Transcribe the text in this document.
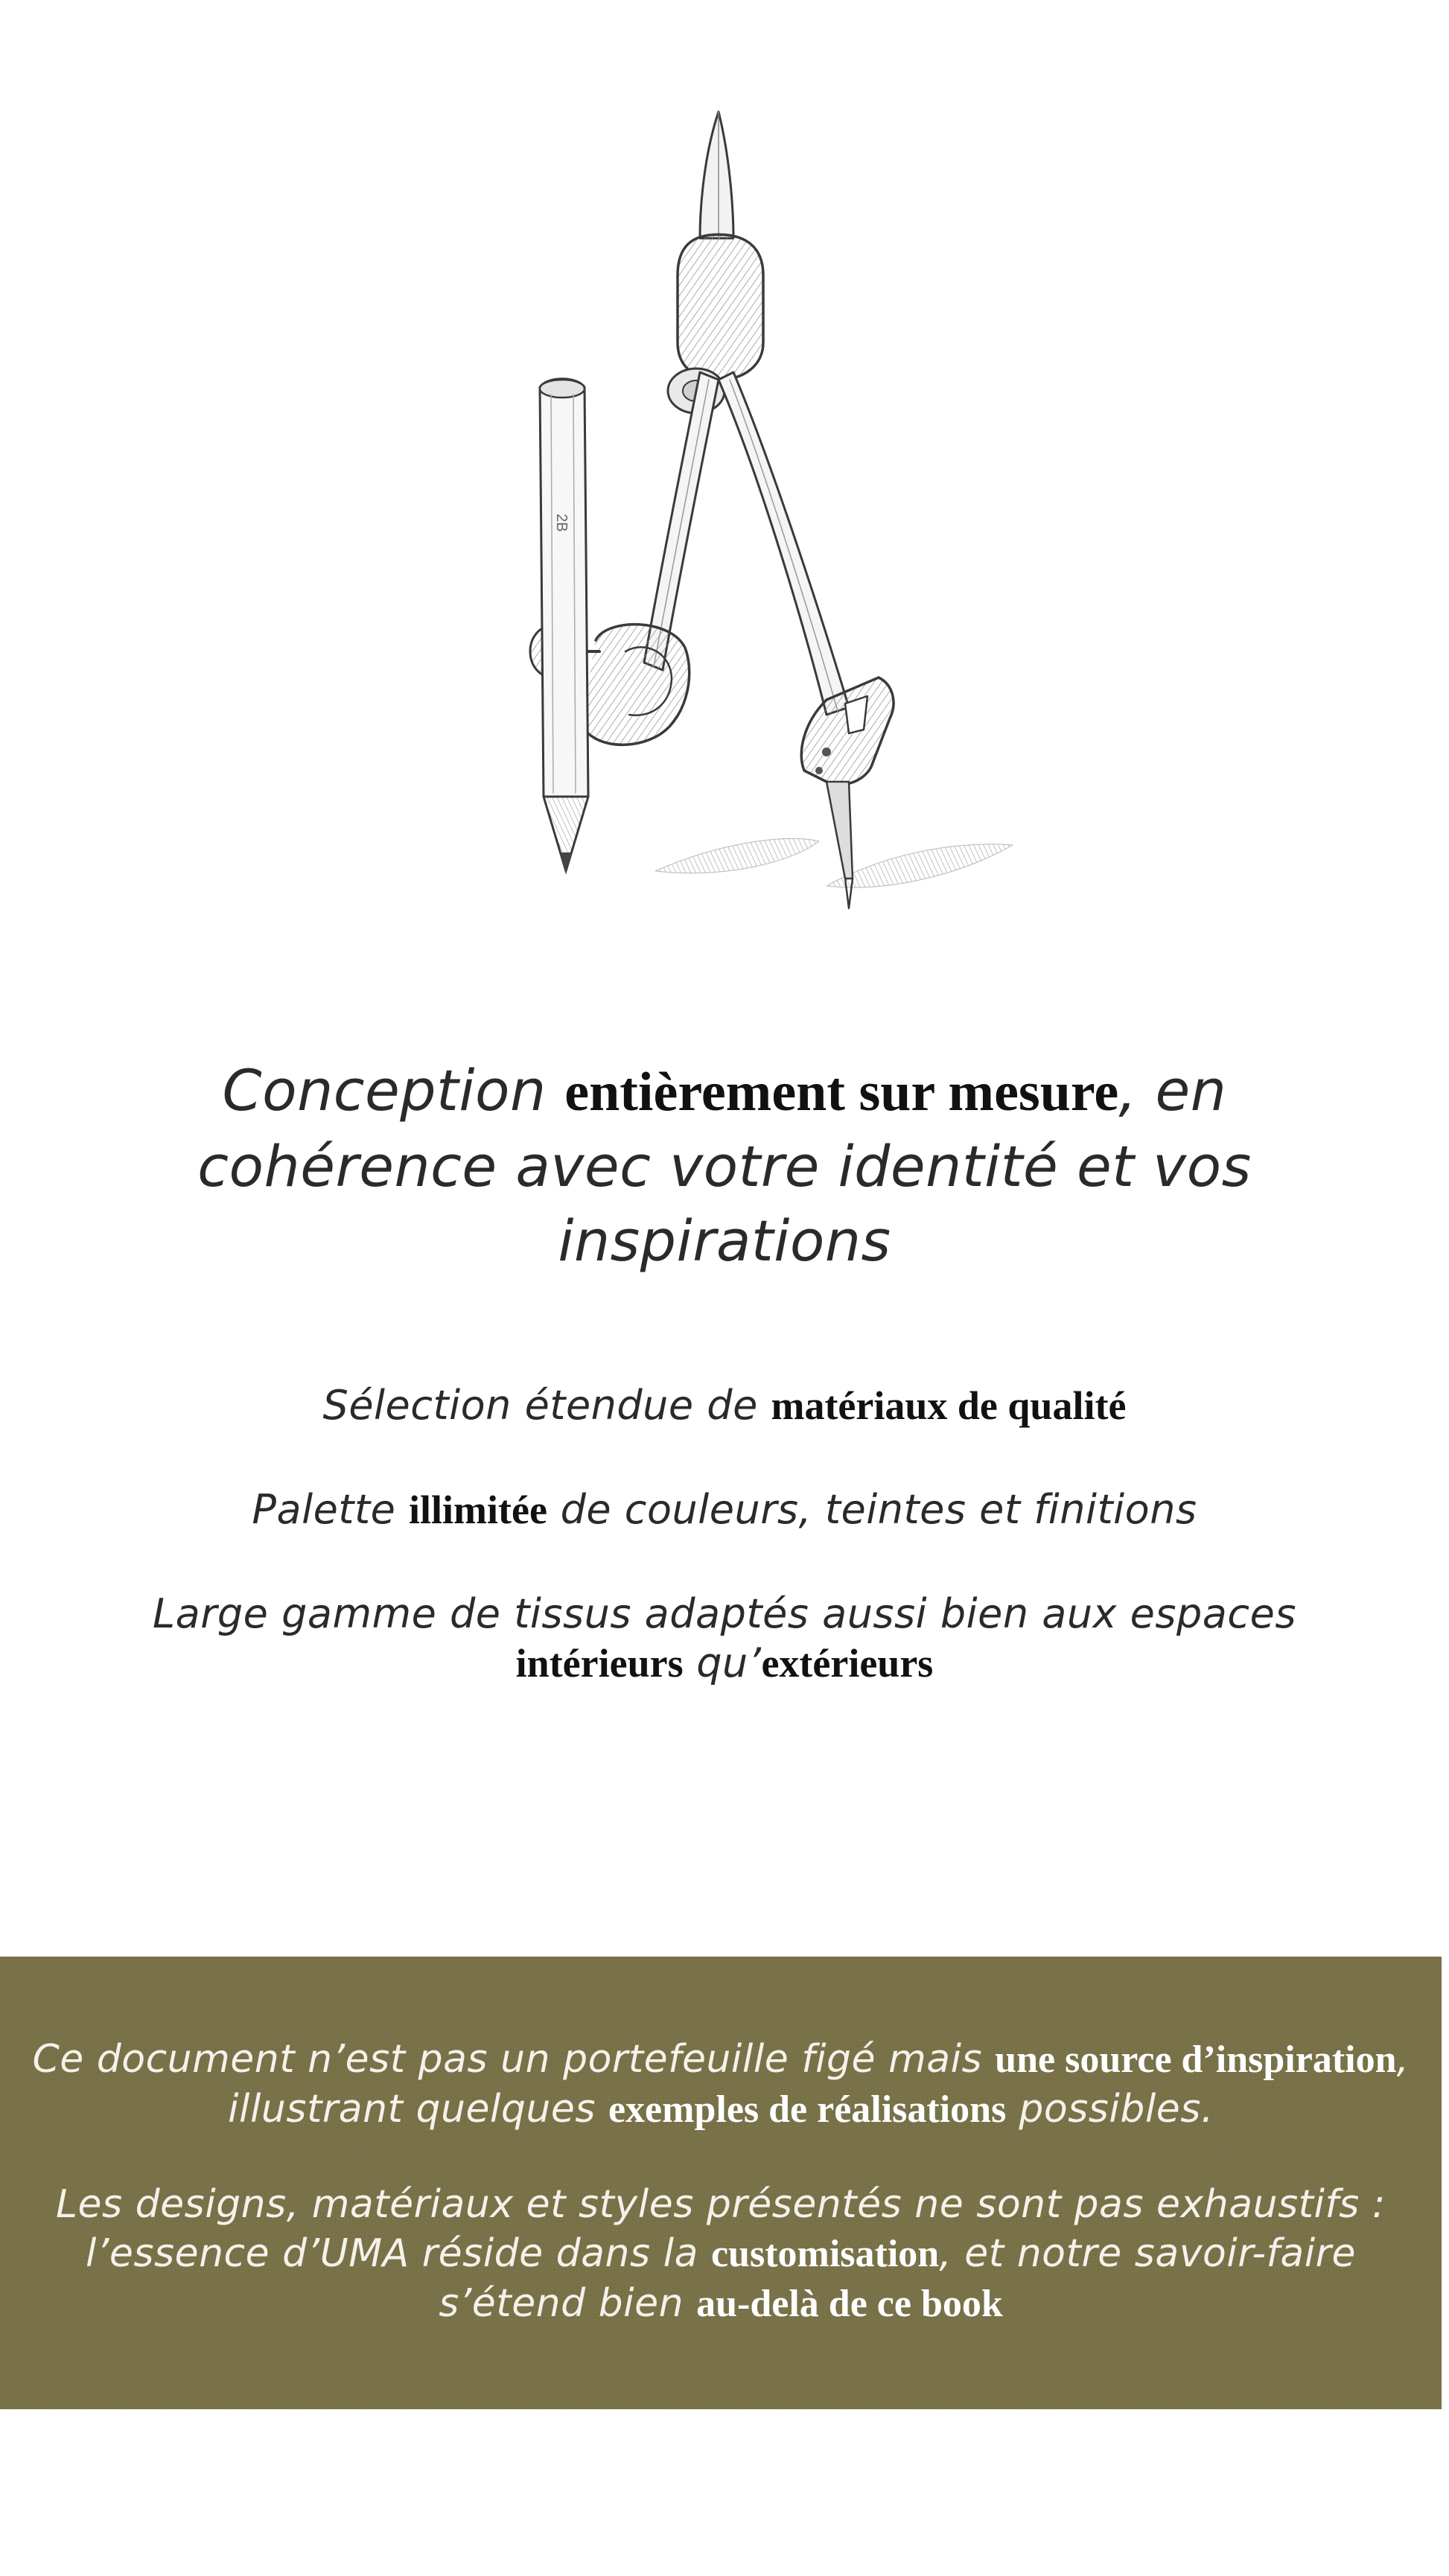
2B
Conception entièrement sur mesure, en cohérence avec votre identité et vos inspirations
Sélection étendue de matériaux de qualité
Palette illimitée de couleurs, teintes et finitions
Large gamme de tissus adaptés aussi bien aux espaces intérieurs qu’extérieurs
Ce document n’est pas un portefeuille figé mais une source d’inspiration, illustrant quelques exemples de réalisations possibles.
Les designs, matériaux et styles présentés ne sont pas exhaustifs : l’essence d’UMA réside dans la customisation, et notre savoir-faire s’étend bien au-delà de ce book
